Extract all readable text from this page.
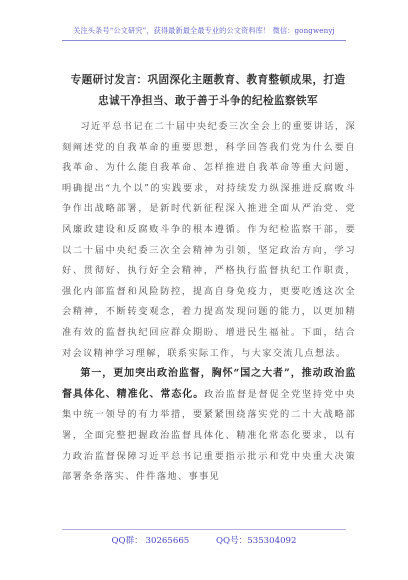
关注头条号“公文研究”，获得最新最全最专业的公文资料库！ 微信：gongwenyj
专题研讨发言：巩固深化主题教育、教育整顿成果，打造
忠诚干净担当、敢于善于斗争的纪检监察铁军

习近平总书记在二十届中央纪委三次全会上的重要讲话，深刻阐述党的自我革命的重要思想，科学回答我们党为什么要自我革命、为什么能自我革命、怎样推进自我革命等重大问题，明确提出“九个以”的实践要求，对持续发力纵深推进反腐败斗争作出战略部署，是新时代新征程深入推进全面从严治党、党风廉政建设和反腐败斗争的根本遵循。作为纪检监察干部，要以二十届中央纪委三次全会精神为引领，坚定政治方向，学习好、贯彻好、执行好全会精神，严格执行监督执纪工作职责，强化内部监督和风险防控，提高自身免疫力，更要吃透这次全会精神，不断转变观念，着力提高发现问题的能力，以更加精准有效的监督执纪回应群众期盼、增进民生福祉。下面，结合对会议精神学习理解，联系实际工作，与大家交流几点想法。

第一，更加突出政治监督，胸怀“国之大者”，推动政治监督具体化、精准化、常态化。政治监督是督促全党坚持党中央集中统一领导的有力举措，要紧紧围绕落实党的二十大战略部署，全面完整把握政治监督具体化、精准化常态化要求，以有力政治监督保障习近平总书记重要指示批示和党中央重大决策部署条条落实、件件落地、事事见

QQ群： 30265665	QQ号：535304092
